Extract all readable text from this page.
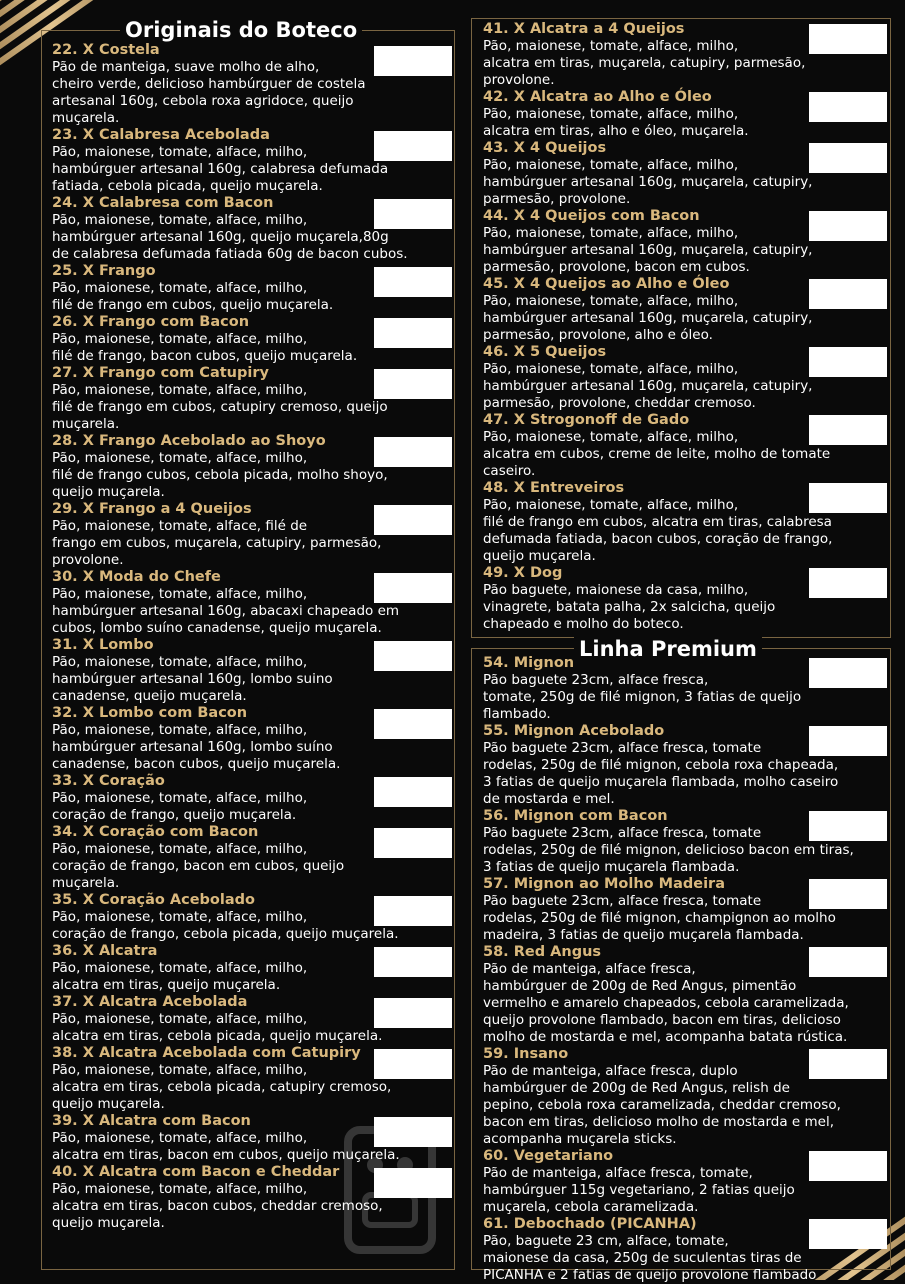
Originais do Boteco
Linha Premium
22. X Costela

Pão de manteiga, suave molho de alho,
cheiro verde, delicioso hambúrguer de costela
artesanal 160g, cebola roxa agridoce, queijo
muçarela.

23. X Calabresa Acebolada

Pão, maionese, tomate, alface, milho,
hambúrguer artesanal 160g, calabresa defumada
fatiada, cebola picada, queijo muçarela.

24. X Calabresa com Bacon

Pão, maionese, tomate, alface, milho,
hambúrguer artesanal 160g, queijo muçarela,80g
de calabresa defumada fatiada 60g de bacon cubos.

25. X Frango

Pão, maionese, tomate, alface, milho,
filé de frango em cubos, queijo muçarela.

26. X Frango com Bacon

Pão, maionese, tomate, alface, milho,
filé de frango, bacon cubos, queijo muçarela.

27. X Frango com Catupiry

Pão, maionese, tomate, alface, milho,
filé de frango em cubos, catupiry cremoso, queijo
muçarela.

28. X Frango Acebolado ao Shoyo

Pão, maionese, tomate, alface, milho,
filé de frango cubos, cebola picada, molho shoyo,
queijo muçarela.

29. X Frango a 4 Queijos

Pão, maionese, tomate, alface, filé de
frango em cubos, muçarela, catupiry, parmesão,
provolone.

30. X Moda do Chefe

Pão, maionese, tomate, alface, milho,
hambúrguer artesanal 160g, abacaxi chapeado em
cubos, lombo suíno canadense, queijo muçarela.

31. X Lombo

Pão, maionese, tomate, alface, milho,
hambúrguer artesanal 160g, lombo suino
canadense, queijo muçarela.

32. X Lombo com Bacon

Pão, maionese, tomate, alface, milho,
hambúrguer artesanal 160g, lombo suíno
canadense, bacon cubos, queijo muçarela.

33. X Coração

Pão, maionese, tomate, alface, milho,
coração de frango, queijo muçarela.

34. X Coração com Bacon

Pão, maionese, tomate, alface, milho,
coração de frango, bacon em cubos, queijo
muçarela.

35. X Coração Acebolado

Pão, maionese, tomate, alface, milho,
coração de frango, cebola picada, queijo muçarela.

36. X Alcatra

Pão, maionese, tomate, alface, milho,
alcatra em tiras, queijo muçarela.

37. X Alcatra Acebolada

Pão, maionese, tomate, alface, milho,
alcatra em tiras, cebola picada, queijo muçarela.

38. X Alcatra Acebolada com Catupiry

Pão, maionese, tomate, alface, milho,
alcatra em tiras, cebola picada, catupiry cremoso,
queijo muçarela.

39. X Alcatra com Bacon

Pão, maionese, tomate, alface, milho,
alcatra em tiras, bacon em cubos, queijo muçarela.

40. X Alcatra com Bacon e Cheddar

Pão, maionese, tomate, alface, milho,
alcatra em tiras, bacon cubos, cheddar cremoso,
queijo muçarela.

41. X Alcatra a 4 Queijos

Pão, maionese, tomate, alface, milho,
alcatra em tiras, muçarela, catupiry, parmesão,
provolone.

42. X Alcatra ao Alho e Óleo

Pão, maionese, tomate, alface, milho,
alcatra em tiras, alho e óleo, muçarela.

43. X 4 Queijos

Pão, maionese, tomate, alface, milho,
hambúrguer artesanal 160g, muçarela, catupiry,
parmesão, provolone.

44. X 4 Queijos com Bacon

Pão, maionese, tomate, alface, milho,
hambúrguer artesanal 160g, muçarela, catupiry,
parmesão, provolone, bacon em cubos.

45. X 4 Queijos ao Alho e Óleo

Pão, maionese, tomate, alface, milho,
hambúrguer artesanal 160g, muçarela, catupiry,
parmesão, provolone, alho e óleo.

46. X 5 Queijos

Pão, maionese, tomate, alface, milho,
hambúrguer artesanal 160g, muçarela, catupiry,
parmesão, provolone, cheddar cremoso.

47. X Strogonoff de Gado

Pão, maionese, tomate, alface, milho,
alcatra em cubos, creme de leite, molho de tomate
caseiro.

48. X Entreveiros

Pão, maionese, tomate, alface, milho,
filé de frango em cubos, alcatra em tiras, calabresa
defumada fatiada, bacon cubos, coração de frango,
queijo muçarela.

49. X Dog

Pão baguete, maionese da casa, milho,
vinagrete, batata palha, 2x salcicha, queijo
chapeado e molho do boteco.

54. Mignon

Pão baguete 23cm, alface fresca,
tomate, 250g de filé mignon, 3 fatias de queijo
flambado.

55. Mignon Acebolado

Pão baguete 23cm, alface fresca, tomate
rodelas, 250g de filé mignon, cebola roxa chapeada,
3 fatias de queijo muçarela flambada, molho caseiro
de mostarda e mel.

56. Mignon com Bacon

Pão baguete 23cm, alface fresca, tomate
rodelas, 250g de filé mignon, delicioso bacon em tiras,
3 fatias de queijo muçarela flambada.

57. Mignon ao Molho Madeira

Pão baguete 23cm, alface fresca, tomate
rodelas, 250g de filé mignon, champignon ao molho
madeira, 3 fatias de queijo muçarela flambada.

58. Red Angus

Pão de manteiga, alface fresca,
hambúrguer de 200g de Red Angus, pimentão
vermelho e amarelo chapeados, cebola caramelizada,
queijo provolone flambado, bacon em tiras, delicioso
molho de mostarda e mel, acompanha batata rústica.

59. Insano

Pão de manteiga, alface fresca, duplo
hambúrguer de 200g de Red Angus, relish de
pepino, cebola roxa caramelizada, cheddar cremoso,
bacon em tiras, delicioso molho de mostarda e mel,
acompanha muçarela sticks.

60. Vegetariano

Pão de manteiga, alface fresca, tomate,
hambúrguer 115g vegetariano, 2 fatias queijo
muçarela, cebola caramelizada.

61. Debochado (PICANHA)

Pão, baguete 23 cm, alface, tomate,
maionese da casa, 250g de suculentas tiras de
PICANHA e 2 fatias de queijo provolone flambado
